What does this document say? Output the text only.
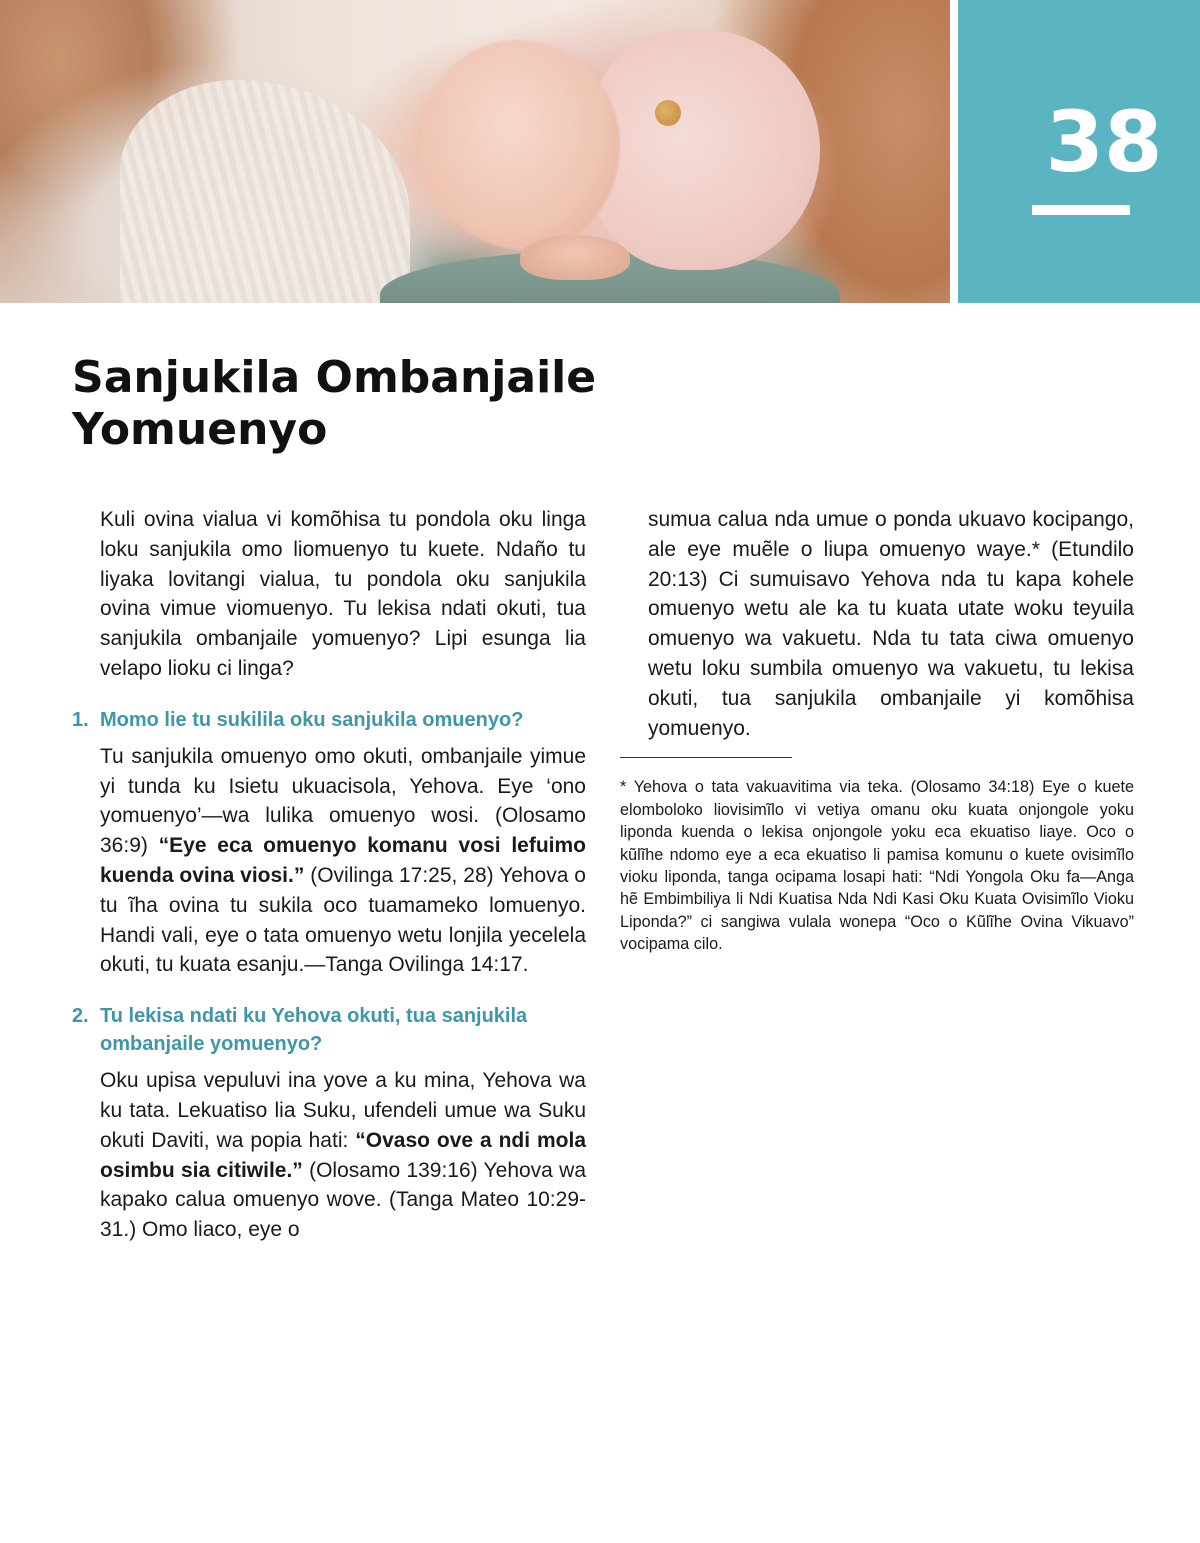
38
Sanjukila Ombanjaile
Yomuenyo

Kuli ovina vialua vi komõhisa tu pondola oku linga loku sanjukila omo liomuenyo tu kuete. Ndaño tu liyaka lovitangi vialua, tu pondola oku sanjukila ovina vimue viomuenyo. Tu lekisa ndati okuti, tua sanjukila ombanjaile yomuenyo? Lipi esunga lia velapo lioku ci linga?

1. Momo lie tu sukilila oku sanjukila omuenyo?

Tu sanjukila omuenyo omo okuti, ombanjaile yimue yi tunda ku Isietu ukuacisola, Yehova. Eye ‘ono yomuenyo’—wa lulika omuenyo wosi. (Olosamo 36:9) “Eye eca omuenyo komanu vosi lefuimo kuenda ovina viosi.” (Ovilinga 17:25, 28) Yehova o tu ĩha ovina tu sukila oco tuamameko lomuenyo. Handi vali, eye o tata omuenyo wetu lonjila yecelela okuti, tu kuata esanju.—Tanga Ovilinga 14:17.

2. Tu lekisa ndati ku Yehova okuti, tua sanjukila ombanjaile yomuenyo?

Oku upisa vepuluvi ina yove a ku mina, Yehova wa ku tata. Lekuatiso lia Suku, ufendeli umue wa Suku okuti Daviti, wa popia hati: “Ovaso ove a ndi mola osimbu sia citiwile.” (Olosamo 139:16) Yehova wa kapako calua omuenyo wove. (Tanga Mateo 10:29-31.) Omo liaco, eye o

sumua calua nda umue o ponda ukuavo kocipango, ale eye muẽle o liupa omuenyo waye.* (Etundilo 20:13) Ci sumuisavo Yehova nda tu kapa kohele omuenyo wetu ale ka tu kuata utate woku teyuila omuenyo wa vakuetu. Nda tu tata ciwa omuenyo wetu loku sumbila omuenyo wa vakuetu, tu lekisa okuti, tua sanjukila ombanjaile yi komõhisa yomuenyo.

* Yehova o tata vakuavitima via teka. (Olosamo 34:18) Eye o kuete elomboloko liovisimĩlo vi vetiya omanu oku kuata onjongole yoku liponda kuenda o lekisa onjongole yoku eca ekuatiso liaye. Oco o kũlĩhe ndomo eye a eca ekuatiso li pamisa komunu o kuete ovisimĩlo vioku liponda, tanga ocipama losapi hati: “Ndi Yongola Oku fa—Anga hẽ Embimbiliya li Ndi Kuatisa Nda Ndi Kasi Oku Kuata Ovisimĩlo Vioku Liponda?” ci sangiwa vulala wonepa “Oco o Kũlĩhe Ovina Vikuavo” vocipama cilo.
